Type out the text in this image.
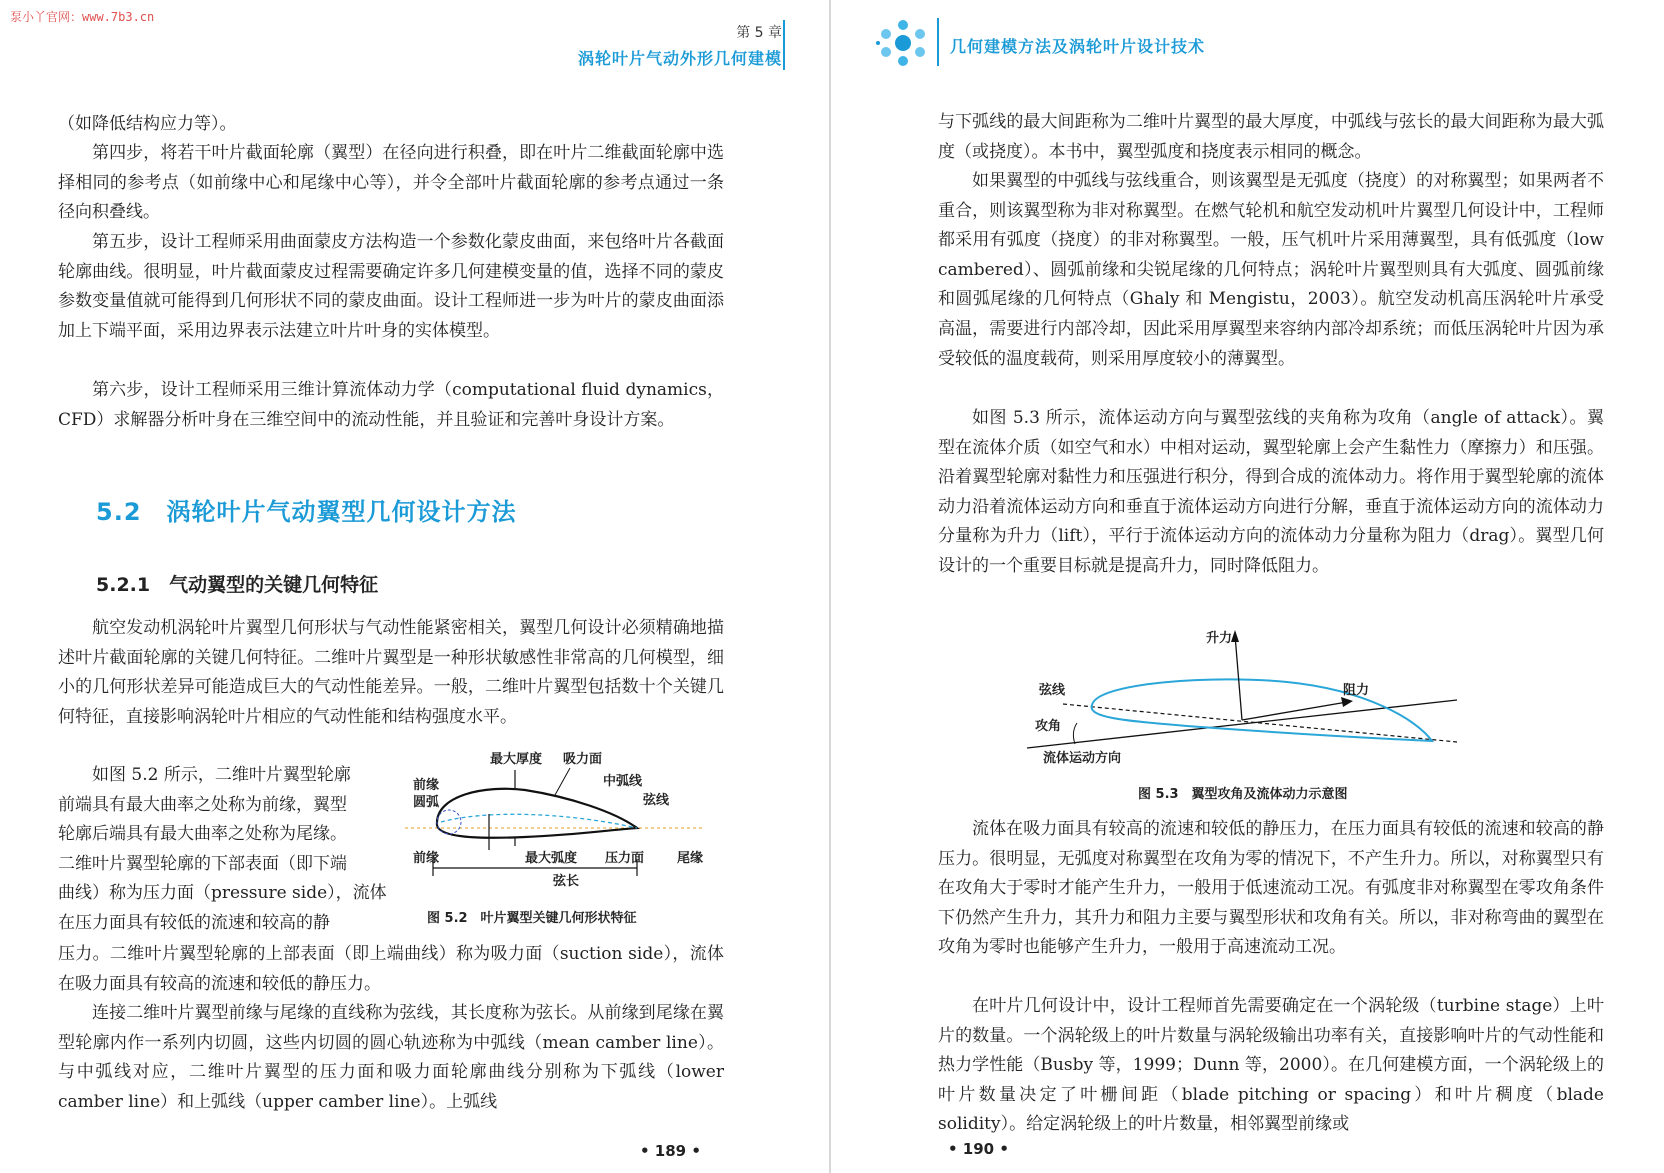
泵小丫官网：www.7b3.cn
第 5 章
涡轮叶片气动外形几何建模

（如降低结构应力等）。

第四步，将若干叶片截面轮廓（翼型）在径向进行积叠，即在叶片二维截面轮廓中选择相同的参考点（如前缘中心和尾缘中心等），并令全部叶片截面轮廓的参考点通过一条径向积叠线。

第五步，设计工程师采用曲面蒙皮方法构造一个参数化蒙皮曲面，来包络叶片各截面轮廓曲线。很明显，叶片截面蒙皮过程需要确定许多几何建模变量的值，选择不同的蒙皮参数变量值就可能得到几何形状不同的蒙皮曲面。设计工程师进一步为叶片的蒙皮曲面添加上下端平面，采用边界表示法建立叶片叶身的实体模型。

第六步，设计工程师采用三维计算流体动力学（computational fluid dynamics，CFD）求解器分析叶身在三维空间中的流动性能，并且验证和完善叶身设计方案。

5.2　涡轮叶片气动翼型几何设计方法
5.2.1　气动翼型的关键几何特征

航空发动机涡轮叶片翼型几何形状与气动性能紧密相关，翼型几何设计必须精确地描述叶片截面轮廓的关键几何特征。二维叶片翼型是一种形状敏感性非常高的几何模型，细小的几何形状差异可能造成巨大的气动性能差异。一般，二维叶片翼型包括数十个关键几何特征，直接影响涡轮叶片相应的气动性能和结构强度水平。

如图 5.2 所示，二维叶片翼型轮廓
前端具有最大曲率之处称为前缘，翼型
轮廓后端具有最大曲率之处称为尾缘。
二维叶片翼型轮廓的下部表面（即下端
曲线）称为压力面（pressure side），流体
在压力面具有较低的流速和较高的静
最大厚度 吸力面
前缘
圆弧
中弧线
弦线
前缘	最大弧度 压力面	尾缘
弦长
图 5.2　叶片翼型关键几何形状特征

压力。二维叶片翼型轮廓的上部表面（即上端曲线）称为吸力面（suction side），流体在吸力面具有较高的流速和较低的静压力。

连接二维叶片翼型前缘与尾缘的直线称为弦线，其长度称为弦长。从前缘到尾缘在翼型轮廓内作一系列内切圆，这些内切圆的圆心轨迹称为中弧线（mean camber line）。与中弧线对应，二维叶片翼型的压力面和吸力面轮廓曲线分别称为下弧线（lower camber line）和上弧线（upper camber line）。上弧线

• 189 •
几何建模方法及涡轮叶片设计技术

与下弧线的最大间距称为二维叶片翼型的最大厚度，中弧线与弦长的最大间距称为最大弧度（或挠度）。本书中，翼型弧度和挠度表示相同的概念。

如果翼型的中弧线与弦线重合，则该翼型是无弧度（挠度）的对称翼型；如果两者不重合，则该翼型称为非对称翼型。在燃气轮机和航空发动机叶片翼型几何设计中，工程师都采用有弧度（挠度）的非对称翼型。一般，压气机叶片采用薄翼型，具有低弧度（low cambered）、圆弧前缘和尖锐尾缘的几何特点；涡轮叶片翼型则具有大弧度、圆弧前缘和圆弧尾缘的几何特点（Ghaly 和 Mengistu，2003）。航空发动机高压涡轮叶片承受高温，需要进行内部冷却，因此采用厚翼型来容纳内部冷却系统；而低压涡轮叶片因为承受较低的温度载荷，则采用厚度较小的薄翼型。

如图 5.3 所示，流体运动方向与翼型弦线的夹角称为攻角（angle of attack）。翼型在流体介质（如空气和水）中相对运动，翼型轮廓上会产生黏性力（摩擦力）和压强。沿着翼型轮廓对黏性力和压强进行积分，得到合成的流体动力。将作用于翼型轮廓的流体动力沿着流体运动方向和垂直于流体运动方向进行分解，垂直于流体运动方向的流体动力分量称为升力（lift），平行于流体运动方向的流体动力分量称为阻力（drag）。翼型几何设计的一个重要目标就是提高升力，同时降低阻力。

升力
弦线	阻力
攻角
流体运动方向
图 5.3　翼型攻角及流体动力示意图

流体在吸力面具有较高的流速和较低的静压力，在压力面具有较低的流速和较高的静压力。很明显，无弧度对称翼型在攻角为零的情况下，不产生升力。所以，对称翼型只有在攻角大于零时才能产生升力，一般用于低速流动工况。有弧度非对称翼型在零攻角条件下仍然产生升力，其升力和阻力主要与翼型形状和攻角有关。所以，非对称弯曲的翼型在攻角为零时也能够产生升力，一般用于高速流动工况。

在叶片几何设计中，设计工程师首先需要确定在一个涡轮级（turbine stage）上叶片的数量。一个涡轮级上的叶片数量与涡轮级输出功率有关，直接影响叶片的气动性能和热力学性能（Busby 等，1999；Dunn 等，2000）。在几何建模方面，一个涡轮级上的叶片数量决定了叶栅间距（blade pitching or spacing）和叶片稠度（blade solidity）。给定涡轮级上的叶片数量，相邻翼型前缘或

• 190 •
